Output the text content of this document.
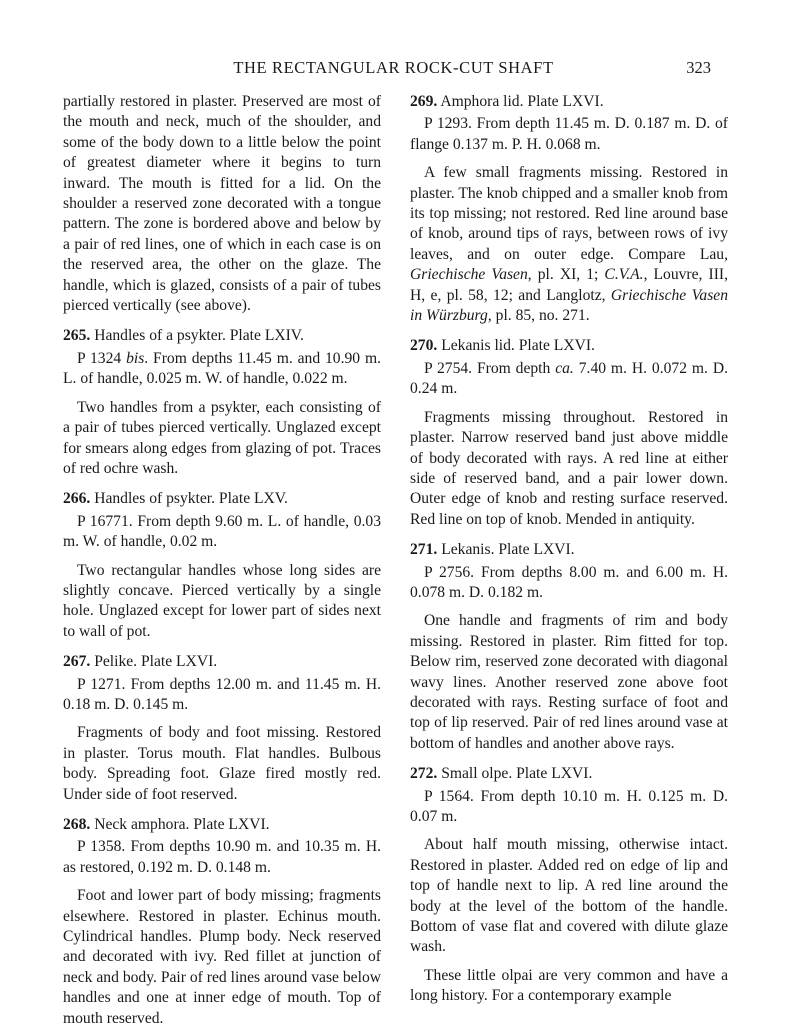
THE RECTANGULAR ROCK-CUT SHAFT	323

partially restored in plaster. Preserved are most of the mouth and neck, much of the shoulder, and some of the body down to a little below the point of greatest diameter where it begins to turn inward. The mouth is fitted for a lid. On the shoulder a reserved zone decorated with a tongue pattern. The zone is bordered above and below by a pair of red lines, one of which in each case is on the reserved area, the other on the glaze. The handle, which is glazed, consists of a pair of tubes pierced vertically (see above).

265. Handles of a psykter. Plate LXIV.

P 1324 bis. From depths 11.45 m. and 10.90 m. L. of handle, 0.025 m. W. of handle, 0.022 m.

Two handles from a psykter, each consisting of a pair of tubes pierced vertically. Unglazed except for smears along edges from glazing of pot. Traces of red ochre wash.

266. Handles of psykter. Plate LXV.

P 16771. From depth 9.60 m. L. of handle, 0.03 m. W. of handle, 0.02 m.

Two rectangular handles whose long sides are slightly concave. Pierced vertically by a single hole. Unglazed except for lower part of sides next to wall of pot.

267. Pelike. Plate LXVI.

P 1271. From depths 12.00 m. and 11.45 m. H. 0.18 m. D. 0.145 m.

Fragments of body and foot missing. Restored in plaster. Torus mouth. Flat handles. Bulbous body. Spreading foot. Glaze fired mostly red. Under side of foot reserved.

268. Neck amphora. Plate LXVI.

P 1358. From depths 10.90 m. and 10.35 m. H. as restored, 0.192 m. D. 0.148 m.

Foot and lower part of body missing; fragments elsewhere. Restored in plaster. Echinus mouth. Cylindrical handles. Plump body. Neck reserved and decorated with ivy. Red fillet at junction of neck and body. Pair of red lines around vase below handles and one at inner edge of mouth. Top of mouth reserved.

269. Amphora lid. Plate LXVI.

P 1293. From depth 11.45 m. D. 0.187 m. D. of flange 0.137 m. P. H. 0.068 m.

A few small fragments missing. Restored in plaster. The knob chipped and a smaller knob from its top missing; not restored. Red line around base of knob, around tips of rays, between rows of ivy leaves, and on outer edge. Compare Lau, Griechische Vasen, pl. XI, 1; C.V.A., Louvre, III, H, e, pl. 58, 12; and Langlotz, Griechische Vasen in Würzburg, pl. 85, no. 271.

270. Lekanis lid. Plate LXVI.

P 2754. From depth ca. 7.40 m. H. 0.072 m. D. 0.24 m.

Fragments missing throughout. Restored in plaster. Narrow reserved band just above middle of body decorated with rays. A red line at either side of reserved band, and a pair lower down. Outer edge of knob and resting surface reserved. Red line on top of knob. Mended in antiquity.

271. Lekanis. Plate LXVI.

P 2756. From depths 8.00 m. and 6.00 m. H. 0.078 m. D. 0.182 m.

One handle and fragments of rim and body missing. Restored in plaster. Rim fitted for top. Below rim, reserved zone decorated with diagonal wavy lines. Another reserved zone above foot decorated with rays. Resting surface of foot and top of lip reserved. Pair of red lines around vase at bottom of handles and another above rays.

272. Small olpe. Plate LXVI.

P 1564. From depth 10.10 m. H. 0.125 m. D. 0.07 m.

About half mouth missing, otherwise intact. Restored in plaster. Added red on edge of lip and top of handle next to lip. A red line around the body at the level of the bottom of the handle. Bottom of vase flat and covered with dilute glaze wash.

These little olpai are very common and have a long history. For a contemporary example
